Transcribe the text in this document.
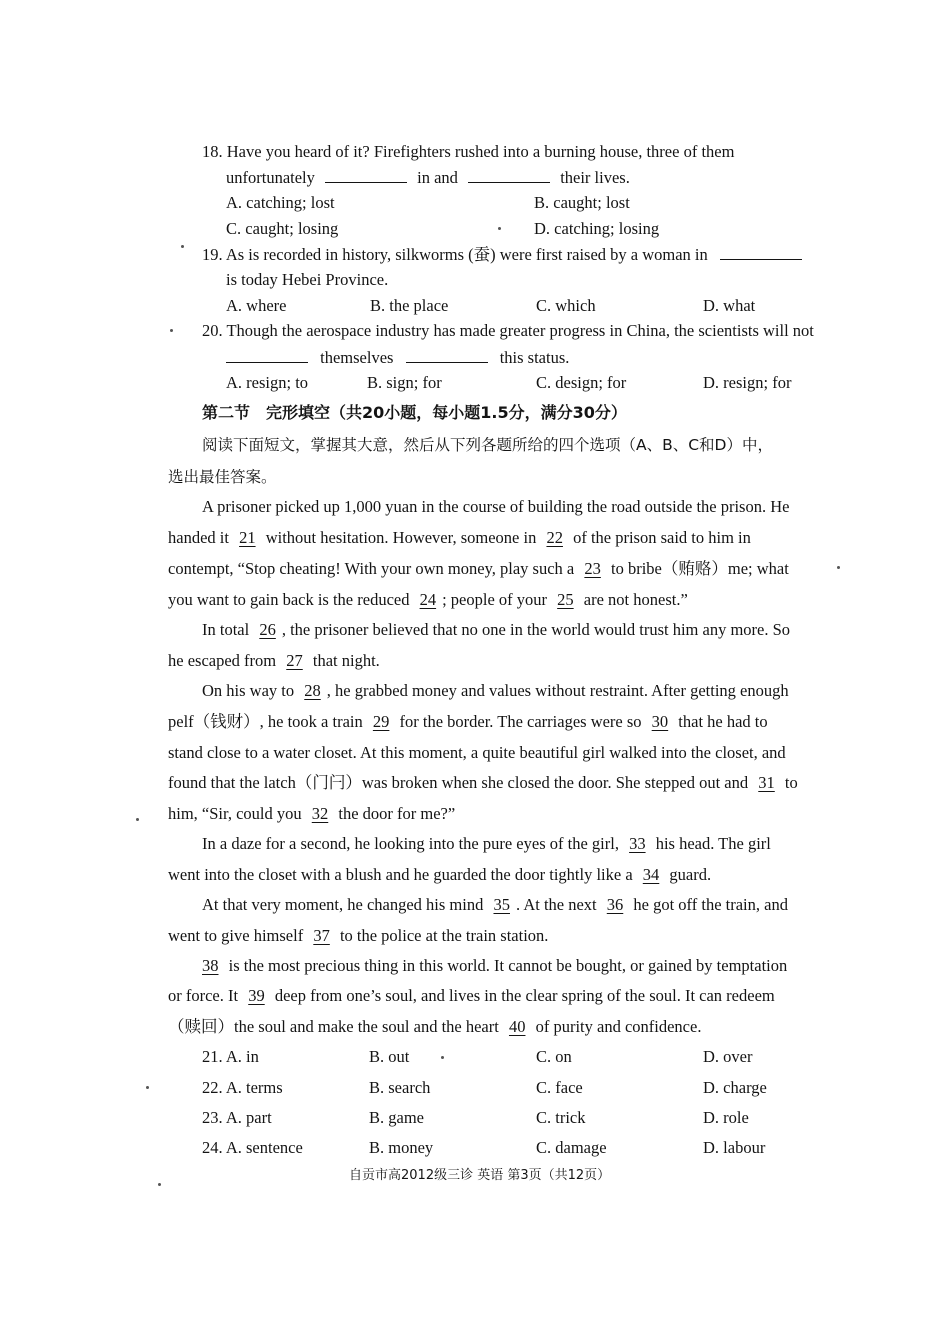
18. Have you heard of it? Firefighters rushed into a burning house, three of them
unfortunately	in and	their lives.
A. catching; lost	B. caught; lost
C. caught; losing	D. catching; losing
19. As is recorded in history, silkworms (蚕) were first raised by a woman in
is today Hebei Province.
A. where	B. the place	C. which	D. what
20. Though the aerospace industry has made greater progress in China, the scientists will not
themselves	this status.
A. resign; to	B. sign; for	C. design; for	D. resign; for
第二节　完形填空（共20小题，每小题1.5分，满分30分）
阅读下面短文，掌握其大意，然后从下列各题所给的四个选项（A、B、C和D）中，
选出最佳答案。
A prisoner picked up 1,000 yuan in the course of building the road outside the prison. He
handed it 21 without hesitation. However, someone in 22 of the prison said to him in
contempt, “Stop cheating! With your own money, play such a 23 to bribe（贿赂）me; what
you want to gain back is the reduced 24 ; people of your 25 are not honest.”
In total 26 , the prisoner believed that no one in the world would trust him any more. So
he escaped from 27 that night.
On his way to 28 , he grabbed money and values without restraint. After getting enough
pelf（钱财）, he took a train 29 for the border. The carriages were so 30 that he had to
stand close to a water closet. At this moment, a quite beautiful girl walked into the closet, and
found that the latch（门闩）was broken when she closed the door. She stepped out and 31 to
him, “Sir, could you 32 the door for me?”
In a daze for a second, he looking into the pure eyes of the girl, 33 his head. The girl
went into the closet with a blush and he guarded the door tightly like a 34 guard.
At that very moment, he changed his mind 35 . At the next 36 he got off the train, and
went to give himself 37 to the police at the train station.
38 is the most precious thing in this world. It cannot be bought, or gained by temptation
or force. It 39 deep from one’s soul, and lives in the clear spring of the soul. It can redeem
（赎回）the soul and make the soul and the heart 40 of purity and confidence.
21. A. in	B. out	C. on	D. over
22. A. terms	B. search	C. face	D. charge
23. A. part	B. game	C. trick	D. role
24. A. sentence	B. money	C. damage	D. labour
自贡市高2012级三诊 英语 第3页（共12页）
